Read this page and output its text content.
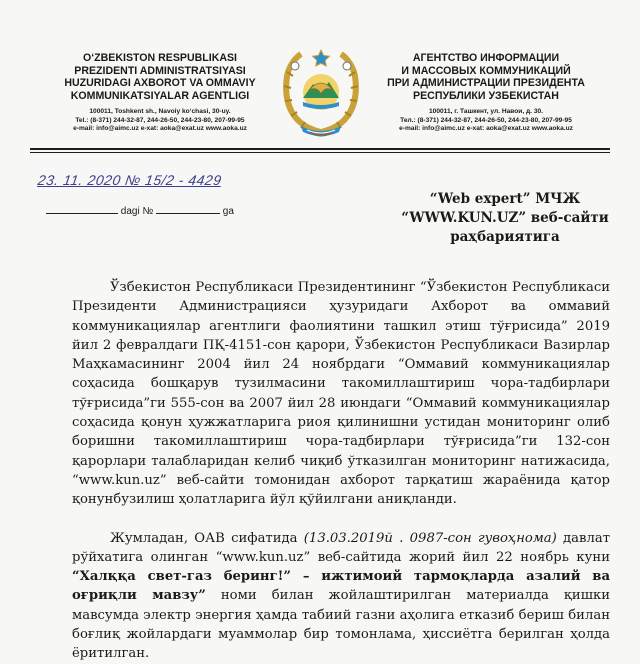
O‘ZBEKISTON RESPUBLIKASI
PREZIDENTI ADMINISTRATSIYASI
HUZURIDAGI AXBOROT VA OMMAVIY
KOMMUNIKATSIYALAR AGENTLIGI
100011, Toshkent sh., Navoiy ko‘chasi, 30-uy.
Tel.: (8-371) 244-32-87, 244-26-50, 244-23-80, 207-99-95
e-mail: info@aimc.uz e-xat: aoka@exat.uz www.aoka.uz
АГЕНТСТВО ИНФОРМАЦИИ
И МАССОВЫХ КОММУНИКАЦИЙ
ПРИ АДМИНИСТРАЦИИ ПРЕЗИДЕНТА
РЕСПУБЛИКИ УЗБЕКИСТАН
100011, г. Ташкент, ул. Навои, д. 30.
Тел.: (8-371) 244-32-87, 244-26-50, 244-23-80, 207-99-95
e-mail: info@aimc.uz e-xat: aoka@exat.uz www.aoka.uz
23. 11. 2020 № 15/2 - 4429
dagi №	ga
“Web expert” МЧЖ
“WWW.KUN.UZ” веб-сайти
раҳбариятига

Ўзбекистон Республикаси Президентининг “Ўзбекистон Республикаси Президенти Администрацияси ҳузуридаги Ахборот ва оммавий коммуникациялар агентлиги фаолиятини ташкил этиш тўғрисида” 2019 йил 2 февралдаги ПҚ-4151-сон қарори, Ўзбекистон Республикаси Вазирлар Маҳкамасининг 2004 йил 24 ноябрдаги “Оммавий коммуникациялар соҳасида бошқарув тузилмасини такомиллаштириш чора-тадбирлари тўғрисида”ги 555-сон ва 2007 йил 28 июндаги “Оммавий коммуникациялар соҳасида қонун ҳужжатларига риоя қилинишни устидан мониторинг олиб боришни такомиллаштириш чора-тадбирлари тўғрисида”ги 132-сон қарорлари талабларидан келиб чиқиб ўтказилган мониторинг натижасида, “www.kun.uz” веб-сайти томонидан ахборот тарқатиш жараёнида қатор қонунбузилиш ҳолатларига йўл қўйилгани аниқланди.

Жумладан, ОАВ сифатида (13.03.2019й . 0987-сон гувоҳнома) давлат рўйхатига олинган “www.kun.uz” веб-сайтида жорий йил 22 ноябрь куни “Халққа свет-газ беринг!” – ижтимоий тармоқларда азалий ва оғриқли мавзу” номи билан жойлаштирилган материалда қишки мавсумда электр энергия ҳамда табиий газни аҳолига етказиб бериш билан боғлиқ жойлардаги муаммолар бир томонлама, ҳиссиётга берилган ҳолда ёритилган.
